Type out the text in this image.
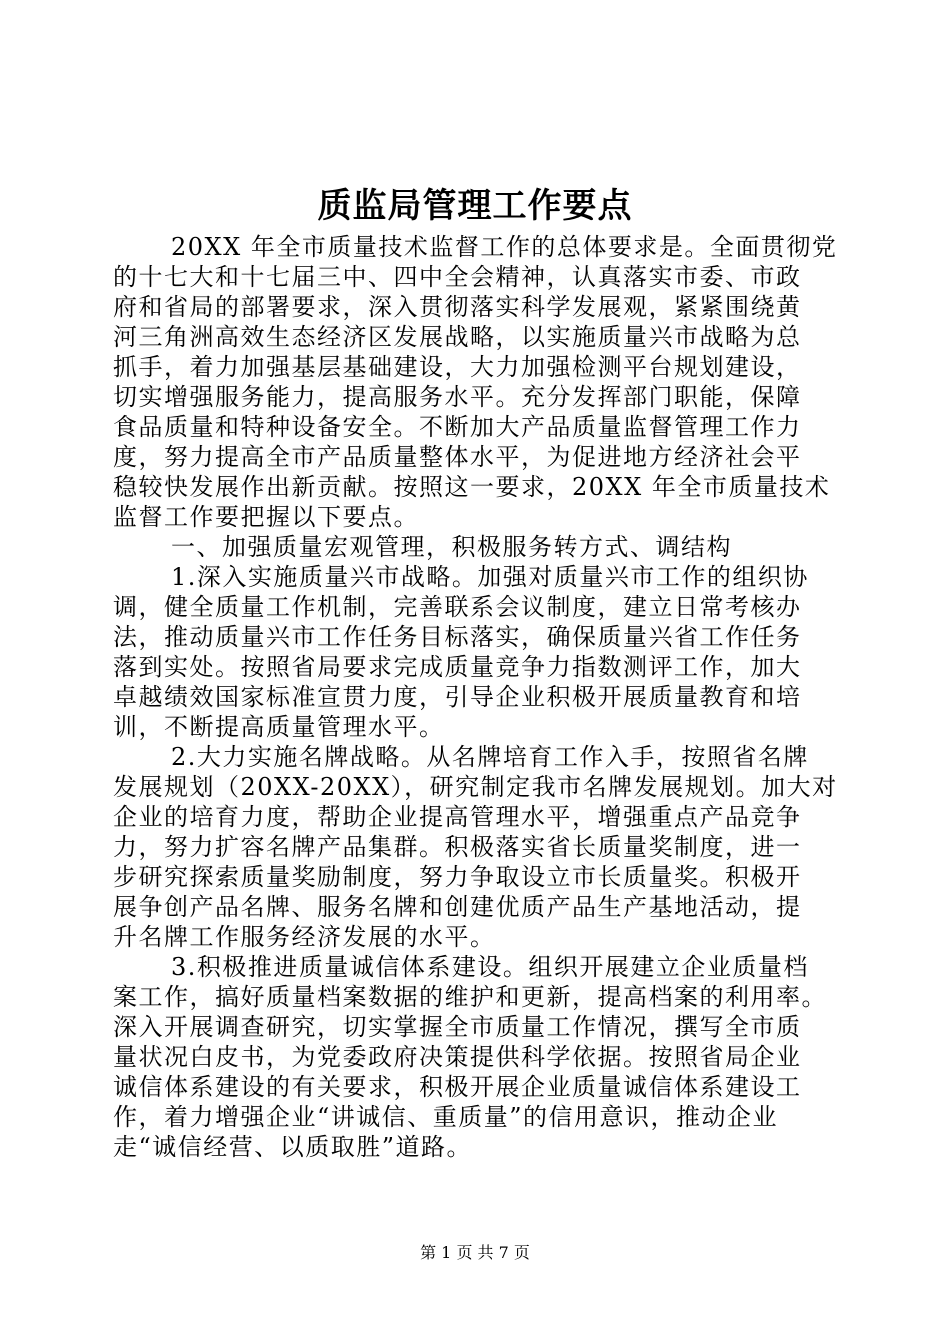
质监局管理工作要点
20XX 年全市质量技术监督工作的总体要求是。全面贯彻党
的十七大和十七届三中、四中全会精神，认真落实市委、市政
府和省局的部署要求，深入贯彻落实科学发展观，紧紧围绕黄
河三角洲高效生态经济区发展战略，以实施质量兴市战略为总
抓手，着力加强基层基础建设，大力加强检测平台规划建设，
切实增强服务能力，提高服务水平。充分发挥部门职能，保障
食品质量和特种设备安全。不断加大产品质量监督管理工作力
度，努力提高全市产品质量整体水平，为促进地方经济社会平
稳较快发展作出新贡献。按照这一要求，20XX 年全市质量技术
监督工作要把握以下要点。
一、加强质量宏观管理，积极服务转方式、调结构
1.深入实施质量兴市战略。加强对质量兴市工作的组织协
调，健全质量工作机制，完善联系会议制度，建立日常考核办
法，推动质量兴市工作任务目标落实，确保质量兴省工作任务
落到实处。按照省局要求完成质量竞争力指数测评工作，加大
卓越绩效国家标准宣贯力度，引导企业积极开展质量教育和培
训，不断提高质量管理水平。
2.大力实施名牌战略。从名牌培育工作入手，按照省名牌
发展规划（20XX-20XX），研究制定我市名牌发展规划。加大对
企业的培育力度，帮助企业提高管理水平，增强重点产品竞争
力，努力扩容名牌产品集群。积极落实省长质量奖制度，进一
步研究探索质量奖励制度，努力争取设立市长质量奖。积极开
展争创产品名牌、服务名牌和创建优质产品生产基地活动，提
升名牌工作服务经济发展的水平。
3.积极推进质量诚信体系建设。组织开展建立企业质量档
案工作，搞好质量档案数据的维护和更新，提高档案的利用率。
深入开展调查研究，切实掌握全市质量工作情况，撰写全市质
量状况白皮书，为党委政府决策提供科学依据。按照省局企业
诚信体系建设的有关要求，积极开展企业质量诚信体系建设工
作，着力增强企业“讲诚信、重质量”的信用意识，推动企业
走“诚信经营、以质取胜”道路。
第 1 页 共 7 页
